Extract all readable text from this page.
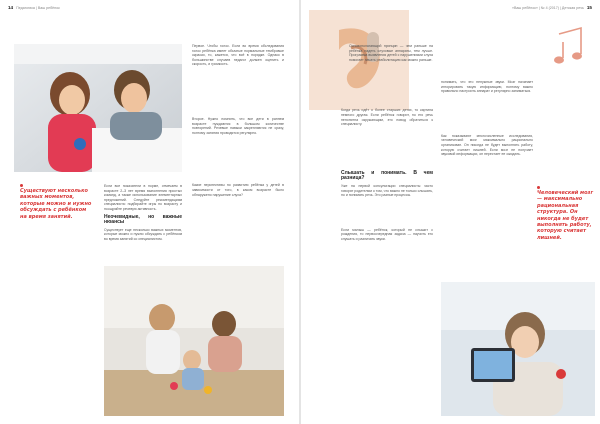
14 Педагогика | Ваш ребёнок
Существуют несколько важных моментов, которые можно и нужно обсуждать с ребёнком на время занятий.

Если все показатели в норме, отмечаем в возрасте 2–3 лет время выполнения простых команд, а также использование элементарных предложений. Следуйте рекомендациям специалиста: подбирайте игры по возрасту и поощряйте речевую активность.

Неочевидные, но важные нюансы

Существует еще несколько важных моментов, которые можно и нужно обсуждать с ребёнком во время занятий со специалистом.

Первое. Чтобы голос. Если во время обследования голос ребёнка имеет обычные нормальные тембровые окраски, то, кажется, что всё в порядке. Однако в большинстве случаев педагог должен оценить и скорость, и громкость.

Второе. Нужно помнить, что все дети в раннем возрасте нуждаются в большом количестве повторений. Речевые навыки закрепляются не сразу, поэтому занятия проводятся регулярно.

Какие перспективы по развитию ребёнка у детей в зависимости от того, в каком возрасте было обнаружено нарушение слуха?

«Ваш ребёнок» | № 4 (2017) | Детская речь 15

Основополагающий принцип — чем раньше на ребёнка надеть слуховые аппараты, тем лучше. Программа выявления детей с нарушениями слуха помогает начать реабилитацию как можно раньше.

Когда речь идёт о более старших детях, то картина немного другая. Если ребёнок говорит, но его речь непонятна окружающим, это повод обратиться к специалисту.

Слышать и понимать. В чем разница?

Уже на первой консультации специалисты часто говорят родителям о том, что важно не только слышать, но и понимать речь. Это разные процессы.

Если малыш — ребёнок, который не слышит с рождения, то первоочередная задача — научить его слушать и различать звуки.

понимать, что это ненужные звуки. Мозг начинает игнорировать такую информацию, поэтому важно правильно настроить аппарат и регулярно заниматься.

Как показывают многочисленные исследования, человеческий мозг максимально рационально организован. Он никогда не будет выполнять работу, которую считает лишней. Если мозг не получает звуковой информации, он перестает ее ожидать.

Человеческий мозг — максимально рациональная структура. Он никогда не будет выполнять работу, которую считает лишней.
